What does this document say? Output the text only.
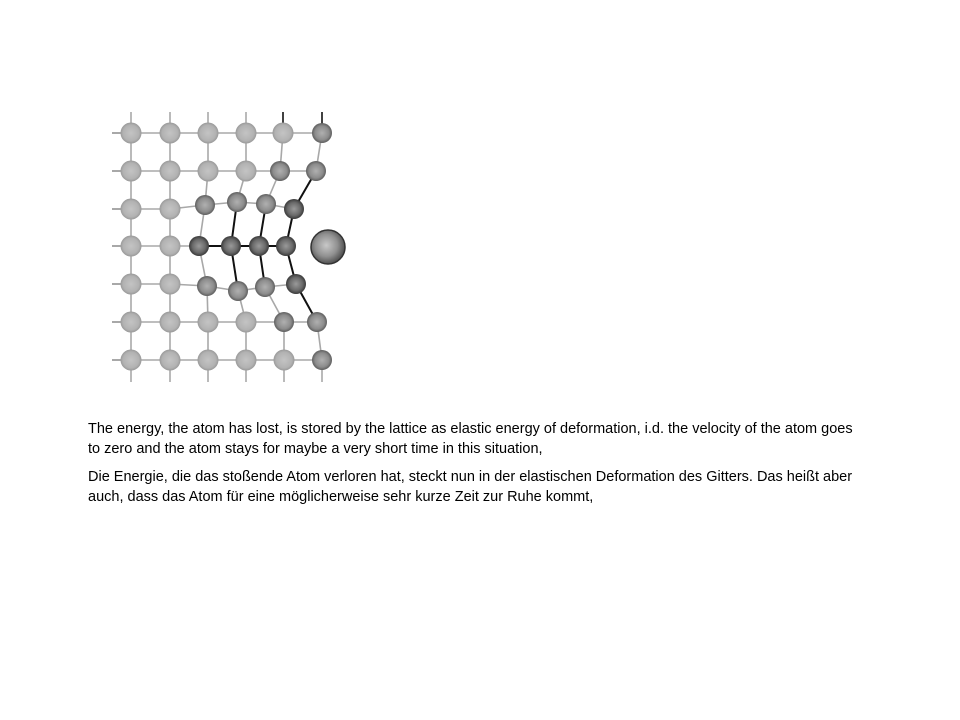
The energy, the atom has lost, is stored by the lattice as elastic energy of deformation, i.d. the velocity of the atom goes to zero and the atom stays for maybe a very short time in this situation,

Die Energie, die das stoßende Atom verloren hat, steckt nun in der elastischen Deformation des Gitters. Das heißt aber auch, dass das Atom für eine möglicherweise sehr kurze Zeit zur Ruhe kommt,
